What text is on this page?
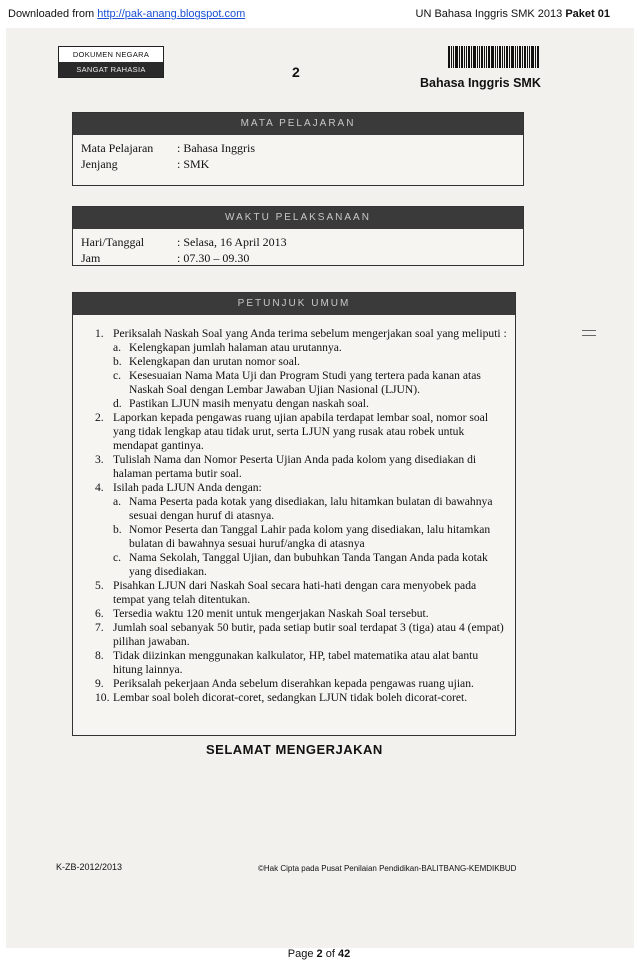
Downloaded from http://pak-anang.blogspot.com	UN Bahasa Inggris SMK 2013 Paket 01
DOKUMEN NEGARA
SANGAT RAHASIA	2
Bahasa Inggris SMK
MATA PELAJARAN
Mata Pelajaran	: Bahasa Inggris
Jenjang	: SMK
WAKTU PELAKSANAAN
Hari/Tanggal	: Selasa, 16 April 2013
Jam	: 07.30 – 09.30
PETUNJUK UMUM
1. Periksalah Naskah Soal yang Anda terima sebelum mengerjakan soal yang meliputi :
a. Kelengkapan jumlah halaman atau urutannya.
b. Kelengkapan dan urutan nomor soal.
c. Kesesuaian Nama Mata Uji dan Program Studi yang tertera pada kanan atas Naskah Soal dengan Lembar Jawaban Ujian Nasional (LJUN).
d. Pastikan LJUN masih menyatu dengan naskah soal.
2. Laporkan kepada pengawas ruang ujian apabila terdapat lembar soal, nomor soal yang tidak lengkap atau tidak urut, serta LJUN yang rusak atau robek untuk mendapat gantinya.
3. Tulislah Nama dan Nomor Peserta Ujian Anda pada kolom yang disediakan di halaman pertama butir soal.
4. Isilah pada LJUN Anda dengan:
a. Nama Peserta pada kotak yang disediakan, lalu hitamkan bulatan di bawahnya sesuai dengan huruf di atasnya.
b. Nomor Peserta dan Tanggal Lahir pada kolom yang disediakan, lalu hitamkan bulatan di bawahnya sesuai huruf/angka di atasnya
c. Nama Sekolah, Tanggal Ujian, dan bubuhkan Tanda Tangan Anda pada kotak yang disediakan.
5. Pisahkan LJUN dari Naskah Soal secara hati-hati dengan cara menyobek pada tempat yang telah ditentukan.
6. Tersedia waktu 120 menit untuk mengerjakan Naskah Soal tersebut.
7. Jumlah soal sebanyak 50 butir, pada setiap butir soal terdapat 3 (tiga) atau 4 (empat) pilihan jawaban.
8. Tidak diizinkan menggunakan kalkulator, HP, tabel matematika atau alat bantu hitung lainnya.
9. Periksalah pekerjaan Anda sebelum diserahkan kepada pengawas ruang ujian.
10. Lembar soal boleh dicorat-coret, sedangkan LJUN tidak boleh dicorat-coret.
SELAMAT MENGERJAKAN
K-ZB-2012/2013	©Hak Cipta pada Pusat Penilaian Pendidikan-BALITBANG-KEMDIKBUD
Page 2 of 42
